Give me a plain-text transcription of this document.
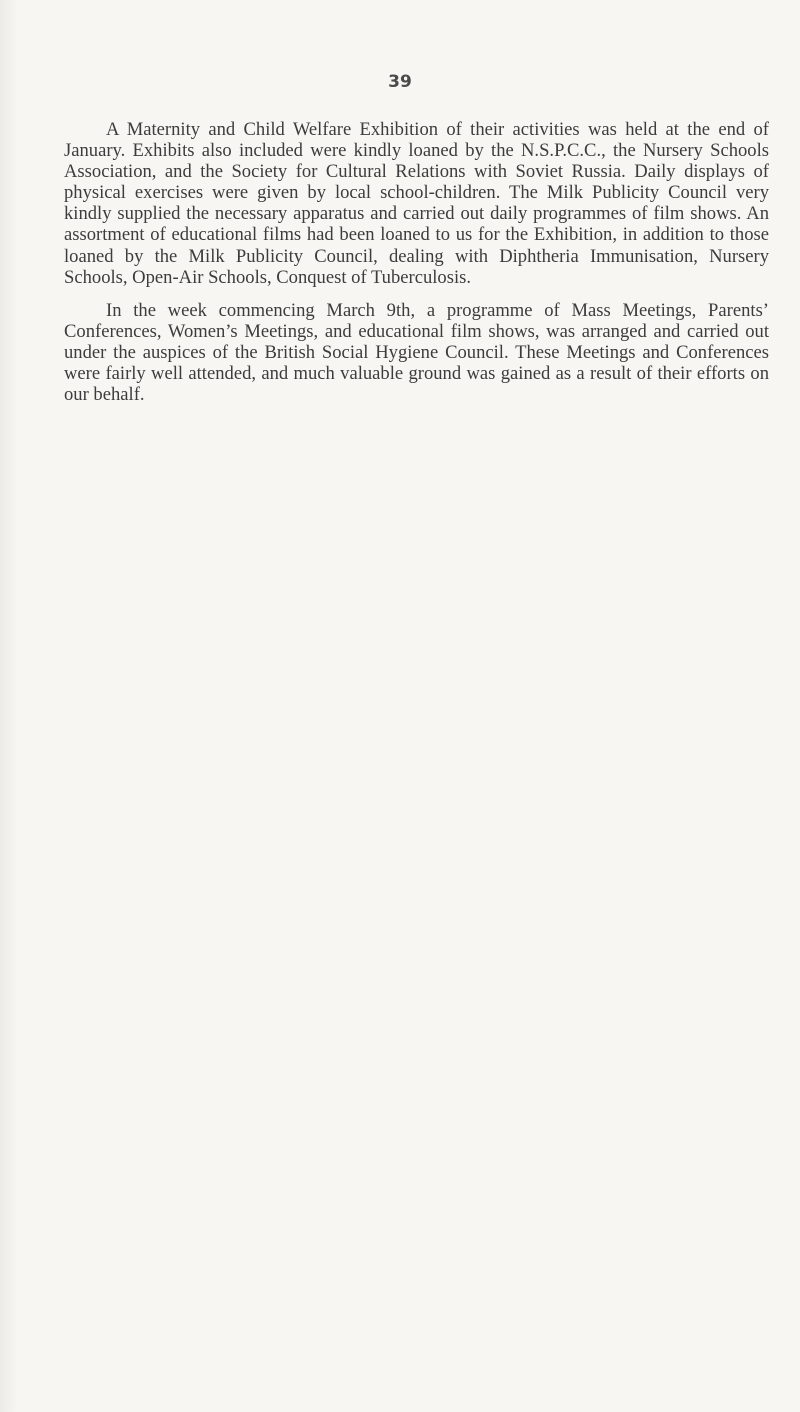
39

A Maternity and Child Welfare Exhibition of their activities was held at the end of January. Exhibits also included were kindly loaned by the N.S.P.C.C., the Nursery Schools Association, and the Society for Cultural Relations with Soviet Russia. Daily displays of physical exercises were given by local school-children. The Milk Publicity Council very kindly supplied the necessary apparatus and carried out daily programmes of film shows. An assortment of educational films had been loaned to us for the Exhibition, in addition to those loaned by the Milk Publicity Council, dealing with Diphtheria Immunisation, Nursery Schools, Open-Air Schools, Conquest of Tuberculosis.

In the week commencing March 9th, a programme of Mass Meetings, Parents’ Conferences, Women’s Meetings, and educational film shows, was arranged and carried out under the auspices of the British Social Hygiene Council. These Meetings and Conferences were fairly well attended, and much valuable ground was gained as a result of their efforts on our behalf.
